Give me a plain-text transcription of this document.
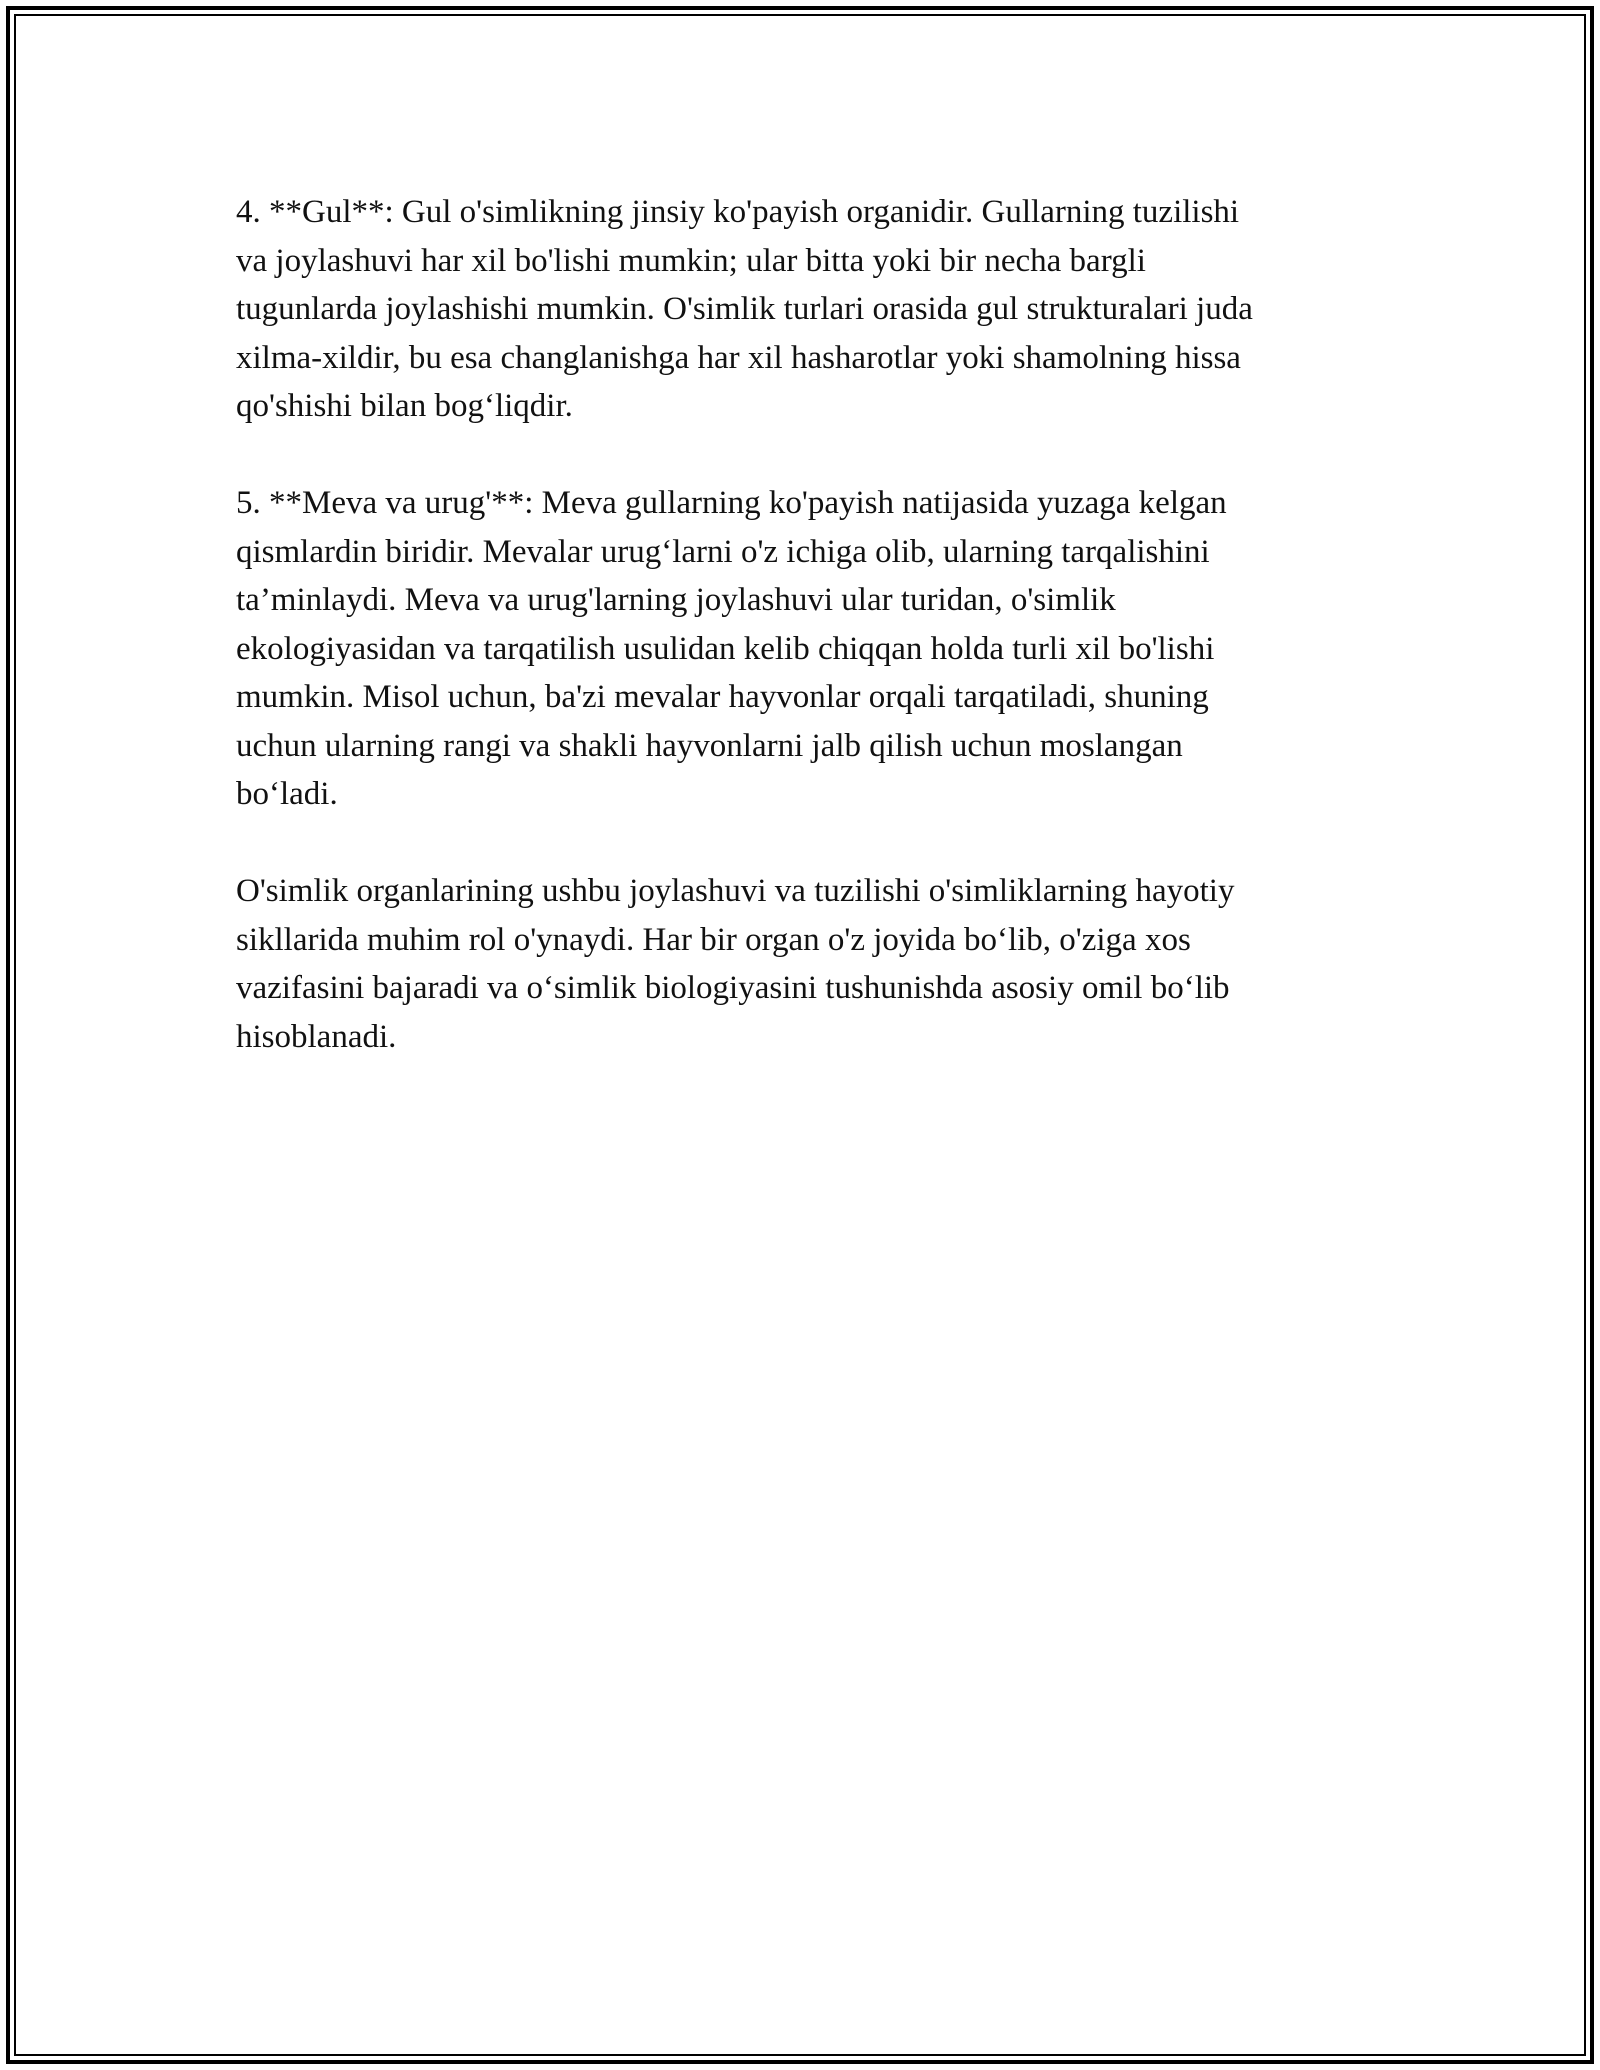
4. **Gul**: Gul o'simlikning jinsiy ko'payish organidir. Gullarning tuzilishi
va joylashuvi har xil bo'lishi mumkin; ular bitta yoki bir necha bargli
tugunlarda joylashishi mumkin. O'simlik turlari orasida gul strukturalari juda
xilma-xildir, bu esa changlanishga har xil hasharotlar yoki shamolning hissa
qo'shishi bilan bog‘liqdir.

5. **Meva va urug'**: Meva gullarning ko'payish natijasida yuzaga kelgan
qismlardin biridir. Mevalar urug‘larni o'z ichiga olib, ularning tarqalishini
ta’minlaydi. Meva va urug'larning joylashuvi ular turidan, o'simlik
ekologiyasidan va tarqatilish usulidan kelib chiqqan holda turli xil bo'lishi
mumkin. Misol uchun, ba'zi mevalar hayvonlar orqali tarqatiladi, shuning
uchun ularning rangi va shakli hayvonlarni jalb qilish uchun moslangan
bo‘ladi.

O'simlik organlarining ushbu joylashuvi va tuzilishi o'simliklarning hayotiy
sikllarida muhim rol o'ynaydi. Har bir organ o'z joyida bo‘lib, o'ziga xos
vazifasini bajaradi va o‘simlik biologiyasini tushunishda asosiy omil bo‘lib
hisoblanadi.
